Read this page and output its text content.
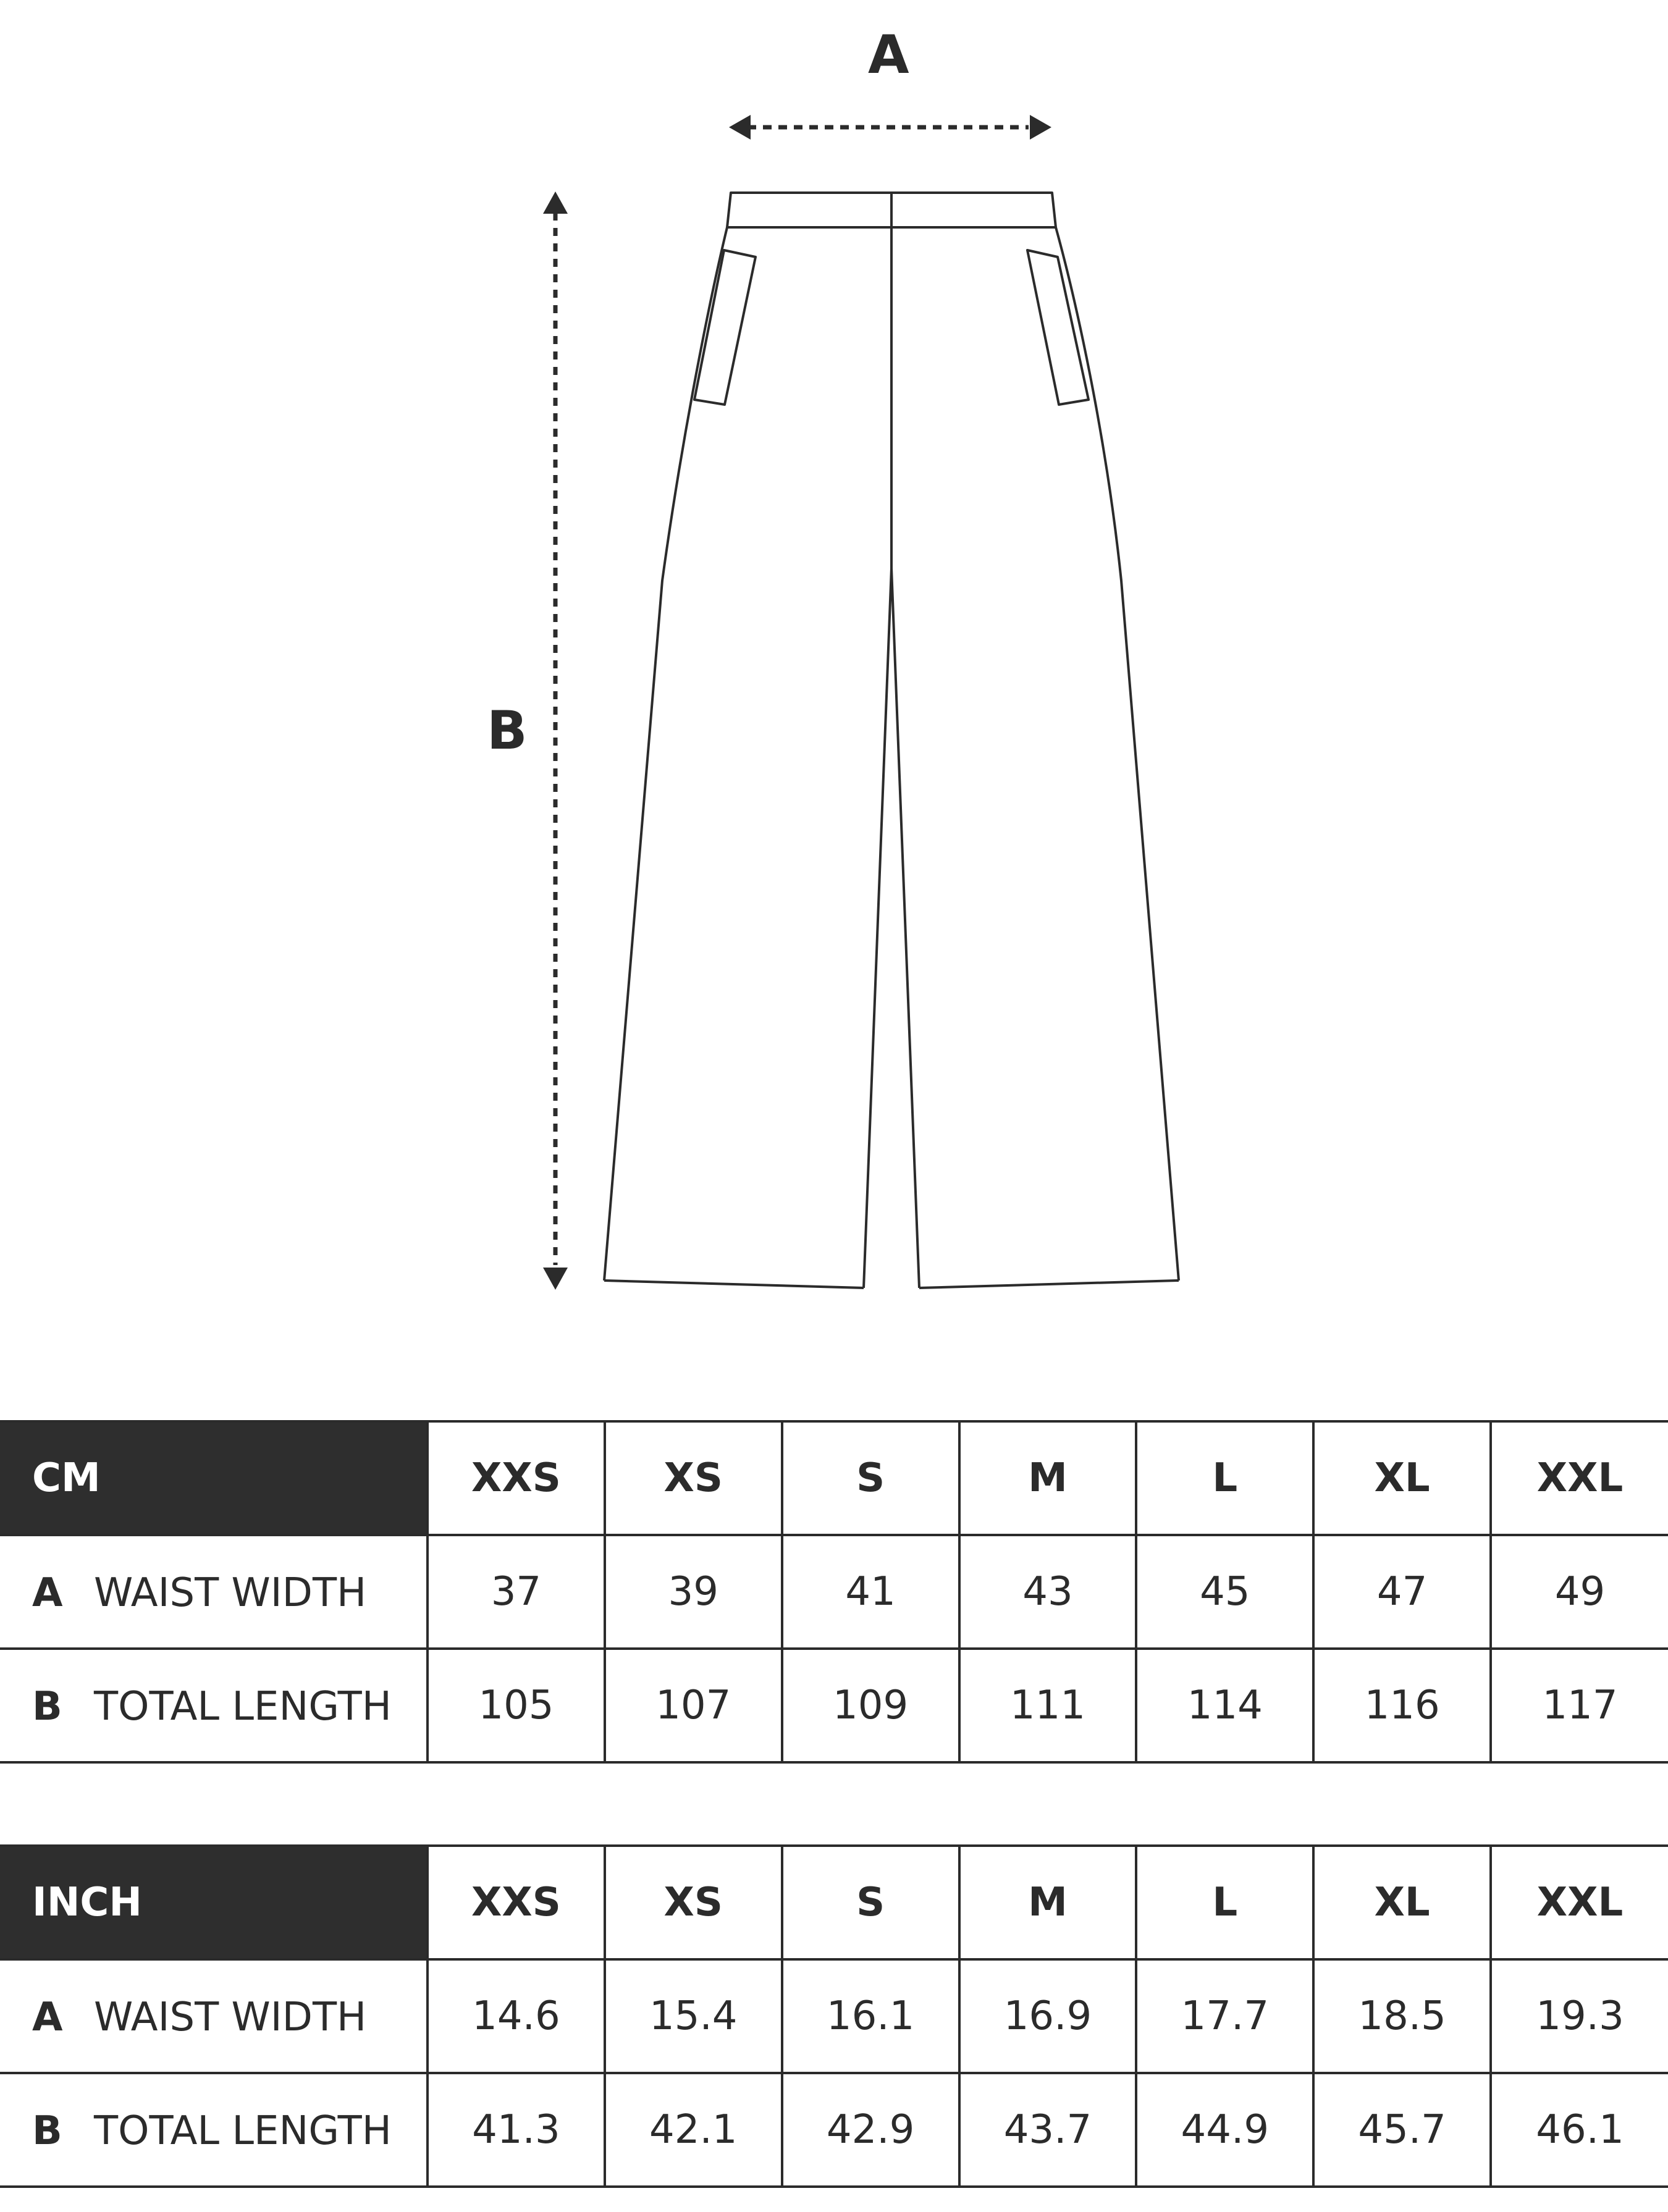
A
B
CM	XXS	XS	S	M	L	XL	XXL
A WAIST WIDTH	37	39	41	43	45	47	49
B TOTAL LENGTH	105	107	109	111	114	116	117
INCH	XXS	XS	S	M	L	XL	XXL
A WAIST WIDTH	14.6	15.4	16.1	16.9	17.7	18.5	19.3
B TOTAL LENGTH	41.3	42.1	42.9	43.7	44.9	45.7	46.1
